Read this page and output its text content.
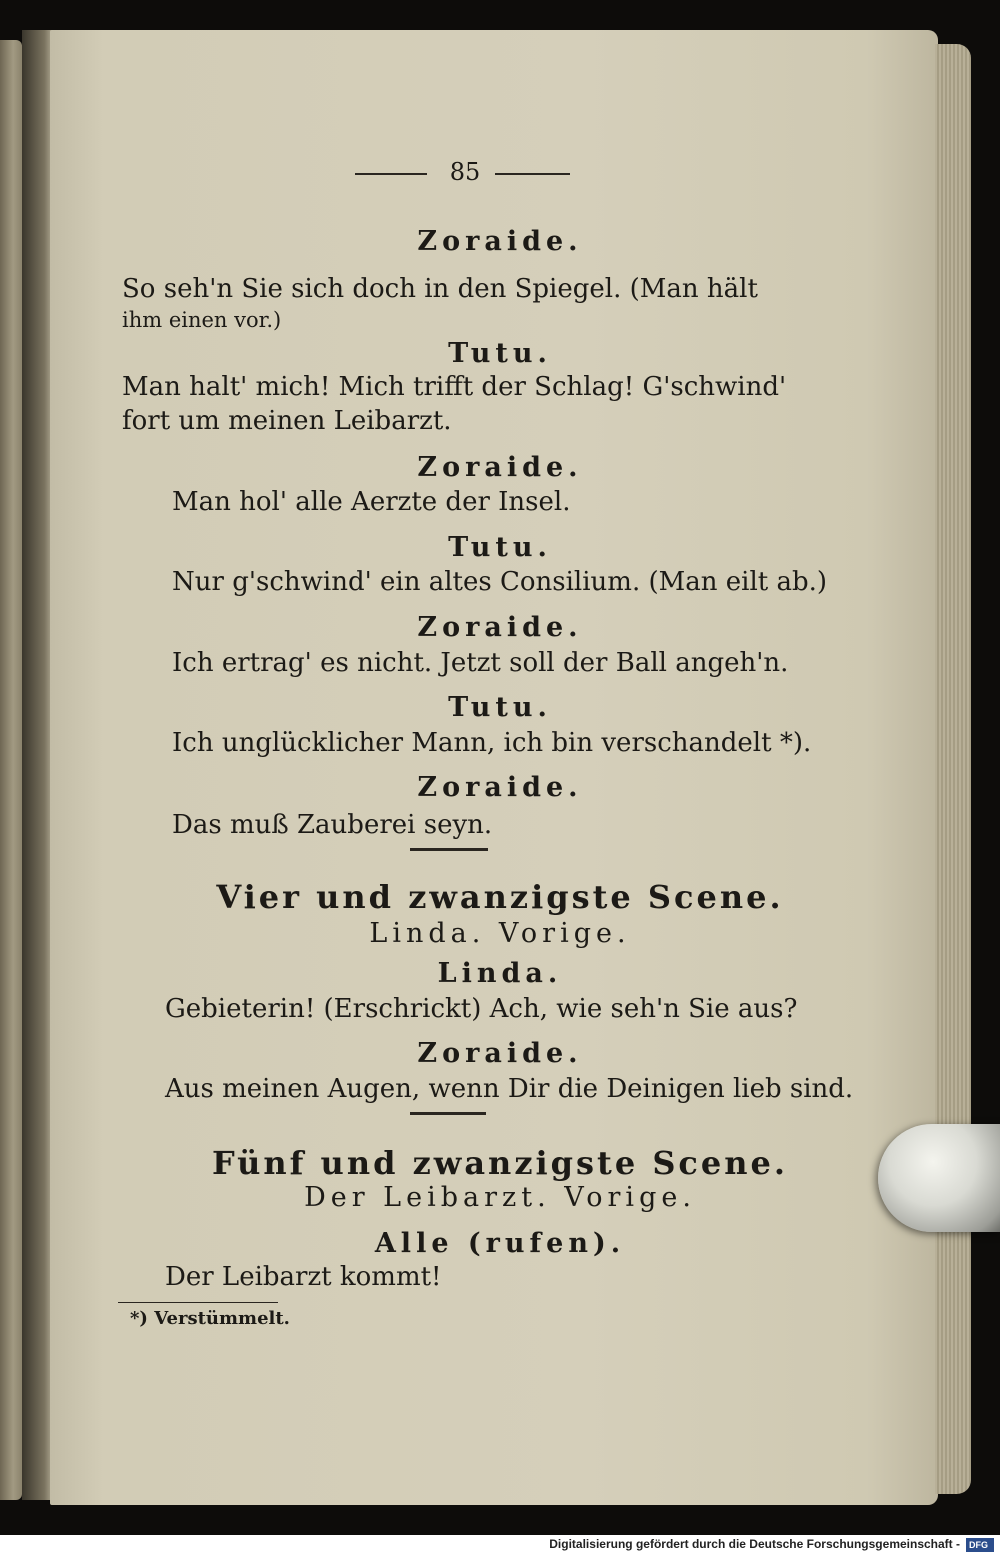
85
Zoraide.
So seh'n Sie sich doch in den Spiegel. (Man hält
ihm einen vor.)
Tutu.
Man halt' mich! Mich trifft der Schlag! G'schwind'
fort um meinen Leibarzt.
Zoraide.
Man hol' alle Aerzte der Insel.
Tutu.
Nur g'schwind' ein altes Consilium. (Man eilt ab.)
Zoraide.
Ich ertrag' es nicht. Jetzt soll der Ball angeh'n.
Tutu.
Ich unglücklicher Mann, ich bin verschandelt *).
Zoraide.
Das muß Zauberei seyn.
Vier und zwanzigste Scene.
Linda. Vorige.
Linda.
Gebieterin! (Erschrickt) Ach, wie seh'n Sie aus?
Zoraide.
Aus meinen Augen, wenn Dir die Deinigen lieb sind.
Fünf und zwanzigste Scene.
Der Leibarzt. Vorige.
Alle (rufen).
Der Leibarzt kommt!
*) Verstümmelt.
Digitalisierung gefördert durch die Deutsche Forschungsgemeinschaft - DFG
